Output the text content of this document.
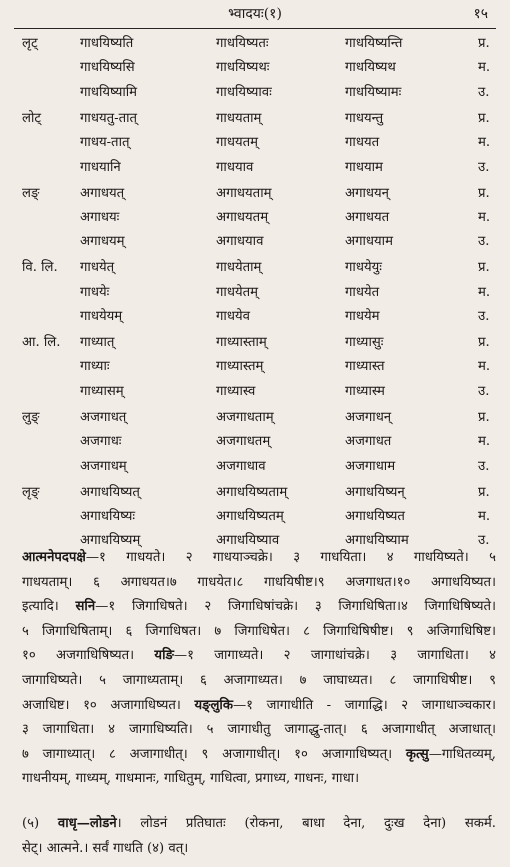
भ्वादयः(१)	१५
लृट्	गाधयिष्यति	गाधयिष्यतः	गाधयिष्यन्ति	प्र.
गाधयिष्यसि	गाधयिष्यथः	गाधयिष्यथ	म.
गाधयिष्यामि	गाधयिष्यावः	गाधयिष्यामः	उ.
लोट्	गाधयतु-तात्	गाधयताम्	गाधयन्तु	प्र.
गाधय-तात्	गाधयतम्	गाधयत	म.
गाधयानि	गाधयाव	गाधयाम	उ.
लङ्	अगाधयत्	अगाधयताम्	अगाधयन्	प्र.
अगाधयः	अगाधयतम्	अगाधयत	म.
अगाधयम्	अगाधयाव	अगाधयाम	उ.
वि. लि. गाधयेत्	गाधयेताम्	गाधयेयुः	प्र.
गाधयेः	गाधयेतम्	गाधयेत	म.
गाधयेयम्	गाधयेव	गाधयेम	उ.
आ. लि. गाध्यात्	गाध्यास्ताम्	गाध्यासुः	प्र.
गाध्याः	गाध्यास्तम्	गाध्यास्त	म.
गाध्यासम्	गाध्यास्व	गाध्यास्म	उ.
लुङ्	अजगाधत्	अजगाधताम्	अजगाधन्	प्र.
अजगाधः	अजगाधतम्	अजगाधत	म.
अजगाधम्	अजगाधाव	अजगाधाम	उ.
लृङ्	अगाधयिष्यत्	अगाधयिष्यताम्	अगाधयिष्यन्	प्र.
अगाधयिष्यः	अगाधयिष्यतम्	अगाधयिष्यत	म.
अगाधयिष्यम्	अगाधयिष्याव	अगाधयिष्याम	उ.
आत्मनेपदपक्षे—१ गाधयते। २ गाधयाञ्चक्रे। ३ गाधयिता। ४ गाधयिष्यते। ५
गाधयताम्। ६ अगाधयत।७ गाधयेत।८ गाधयिषीष्ट।९ अजगाधत।१० अगाधयिष्यत।
इत्यादि। सनि—१ जिगाधिषते। २ जिगाधिषांचक्रे। ३ जिगाधिषिता।४ जिगाधिषिष्यते।
५ जिगाधिषिताम्। ६ जिगाधिषत। ७ जिगाधिषेत। ८ जिगाधिषिषीष्ट। ९ अजिगाधिषिष्ट।
१० अजगाधिषिष्यत। यङि—१ जागाध्यते। २ जागाधांचक्रे। ३ जागाधिता। ४
जागाधिष्यते। ५ जागाध्यताम्। ६ अजागाध्यत। ७ जाघाध्यत। ८ जागाधिषीष्ट। ९
अजाधिष्ट। १० अजागाधिष्यत। यङ्लुकि—१ जागाधीति - जागाद्धि। २ जागाधाञ्चकार।
३ जागाधिता। ४ जागाधिष्यति। ५ जागाधीतु जागाद्धु-तात्। ६ अजागाधीत् अजाधात्।
७ जागाध्यात्। ८ अजागाधीत्। ९ अजागाधीत्। १० अजागाधिष्यत्। कृत्सु—गाधितव्यम्,
गाधनीयम्, गाध्यम्, गाधमानः, गाधितुम्, गाधित्वा, प्रगाध्य, गाधनः, गाधा।
(५) वाधृ—लोडने। लोडनं प्रतिघातः (रोकना, बाधा देना, दुःख देना) सकर्म.
सेट्। आत्मने.। सर्वं गाधति (४) वत्।
